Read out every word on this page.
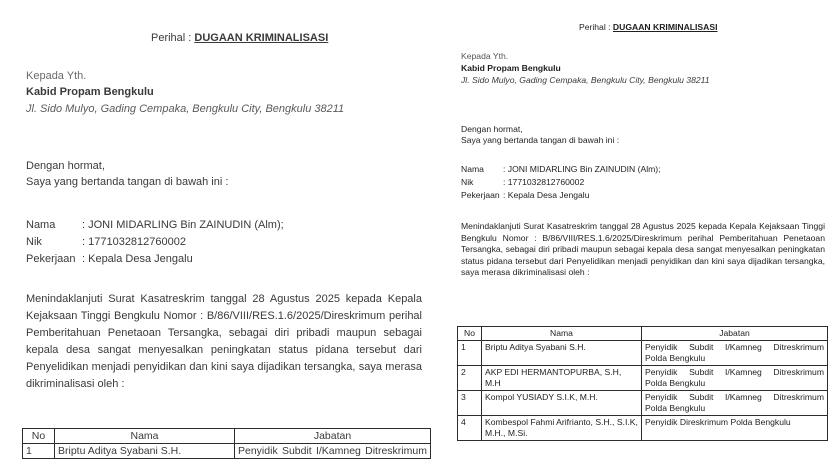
Perihal : DUGAAN KRIMINALISASI
Kepada Yth.
Kabid Propam Bengkulu
Jl. Sido Mulyo, Gading Cempaka, Bengkulu City, Bengkulu 38211
Dengan hormat,
Saya yang bertanda tangan di bawah ini :
Nama : JONI MIDARLING Bin ZAINUDIN (Alm);
Nik	: 1771032812760002
Pekerjaan : Kepala Desa Jengalu
Menindaklanjuti Surat Kasatreskrim tanggal 28 Agustus 2025 kepada Kepala Kejaksaan Tinggi Bengkulu Nomor : B/86/VIII/RES.1.6/2025/Direskrimum perihal Pemberitahuan Penetaoan Tersangka, sebagai diri pribadi maupun sebagai kepala desa sangat menyesalkan peningkatan status pidana tersebut dari Penyelidikan menjadi penyidikan dan kini saya dijadikan tersangka, saya merasa dikriminalisasi oleh :
No	Nama	Jabatan
1	Briptu Aditya Syabani S.H.	Penyidik Subdit I/Kamneg Ditreskrimum
Perihal : DUGAAN KRIMINALISASI
Kepada Yth.
Kabid Propam Bengkulu
Jl. Sido Mulyo, Gading Cempaka, Bengkulu City, Bengkulu 38211
Dengan hormat,
Saya yang bertanda tangan di bawah ini :
Nama : JONI MIDARLING Bin ZAINUDIN (Alm);
Nik	: 1771032812760002
Pekerjaan : Kepala Desa Jengalu
Menindaklanjuti Surat Kasatreskrim tanggal 28 Agustus 2025 kepada Kepala Kejaksaan Tinggi Bengkulu Nomor : B/86/VIII/RES.1.6/2025/Direskrimum perihal Pemberitahuan Penetaoan Tersangka, sebagai diri pribadi maupun sebagai kepala desa sangat menyesalkan peningkatan status pidana tersebut dari Penyelidikan menjadi penyidikan dan kini saya dijadikan tersangka, saya merasa dikriminalisasi oleh :
No	Nama	Jabatan
1	Briptu Aditya Syabani S.H.	Penyidik Subdit I/Kamneg Ditreskrimum
Polda Bengkulu

2	AKP EDI HERMANTOPURBA, S.H, M.H	Penyidik Subdit I/Kamneg Ditreskrimum
Polda Bengkulu

3	Kompol YUSIADY S.I.K, M.H.	Penyidik Subdit I/Kamneg Ditreskrimum
Polda Bengkulu

4	Kombespol Fahmi Arifrianto, S.H., S.I.K, M.H., M.Si.	Penyidik Direskrimum Polda Bengkulu
